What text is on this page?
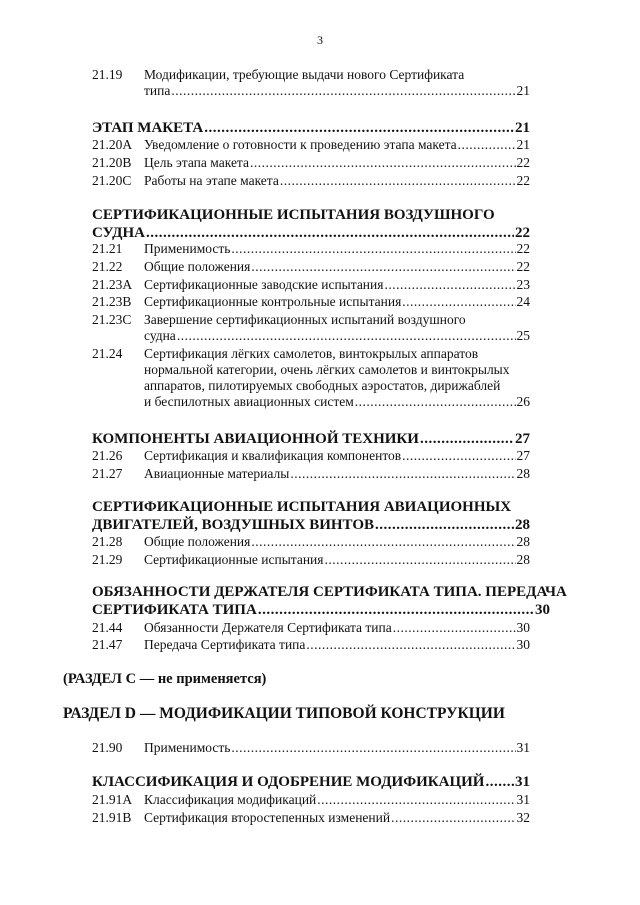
3
21.19 Модификации, требующие выдачи нового Сертификата
типа .....	21
ЭТАП МАКЕТА .....	21
21.20A Уведомление о готовности к проведению этапа макета .....	21
21.20B Цель этапа макета .....	22
21.20C Работы на этапе макета .....	22
СЕРТИФИКАЦИОННЫЕ ИСПЫТАНИЯ ВОЗДУШНОГО
СУДНА .....	22
21.21 Применимость .....	22
21.22 Общие положения .....	22
21.23A Сертификационные заводские испытания .....	23
21.23B Сертификационные контрольные испытания .....	24
21.23C Завершение сертификационных испытаний воздушного
судна .....	25
21.24 Сертификация лёгких самолетов, винтокрылых аппаратов
нормальной категории, очень лёгких самолетов и винтокрылых
аппаратов, пилотируемых свободных аэростатов, дирижаблей
и беспилотных авиационных систем .....	26
КОМПОНЕНТЫ АВИАЦИОННОЙ ТЕХНИКИ .....	27
21.26 Сертификация и квалификация компонентов .....	27
21.27 Авиационные материалы .....	28
СЕРТИФИКАЦИОННЫЕ ИСПЫТАНИЯ АВИАЦИОННЫХ
ДВИГАТЕЛЕЙ, ВОЗДУШНЫХ ВИНТОВ .....	28
21.28 Общие положения .....	28
21.29 Сертификационные испытания .....	28
ОБЯЗАННОСТИ ДЕРЖАТЕЛЯ СЕРТИФИКАТА ТИПА. ПЕРЕДАЧА
СЕРТИФИКАТА ТИПА .....	30
21.44 Обязанности Держателя Сертификата типа .....	30
21.47 Передача Сертификата типа .....	30
(РАЗДЕЛ С — не применяется)
РАЗДЕЛ D — МОДИФИКАЦИИ ТИПОВОЙ КОНСТРУКЦИИ
21.90 Применимость .....	31
КЛАССИФИКАЦИЯ И ОДОБРЕНИЕ МОДИФИКАЦИЙ ..... 31
21.91A Классификация модификаций .....	31
21.91B Сертификация второстепенных изменений .....	32
